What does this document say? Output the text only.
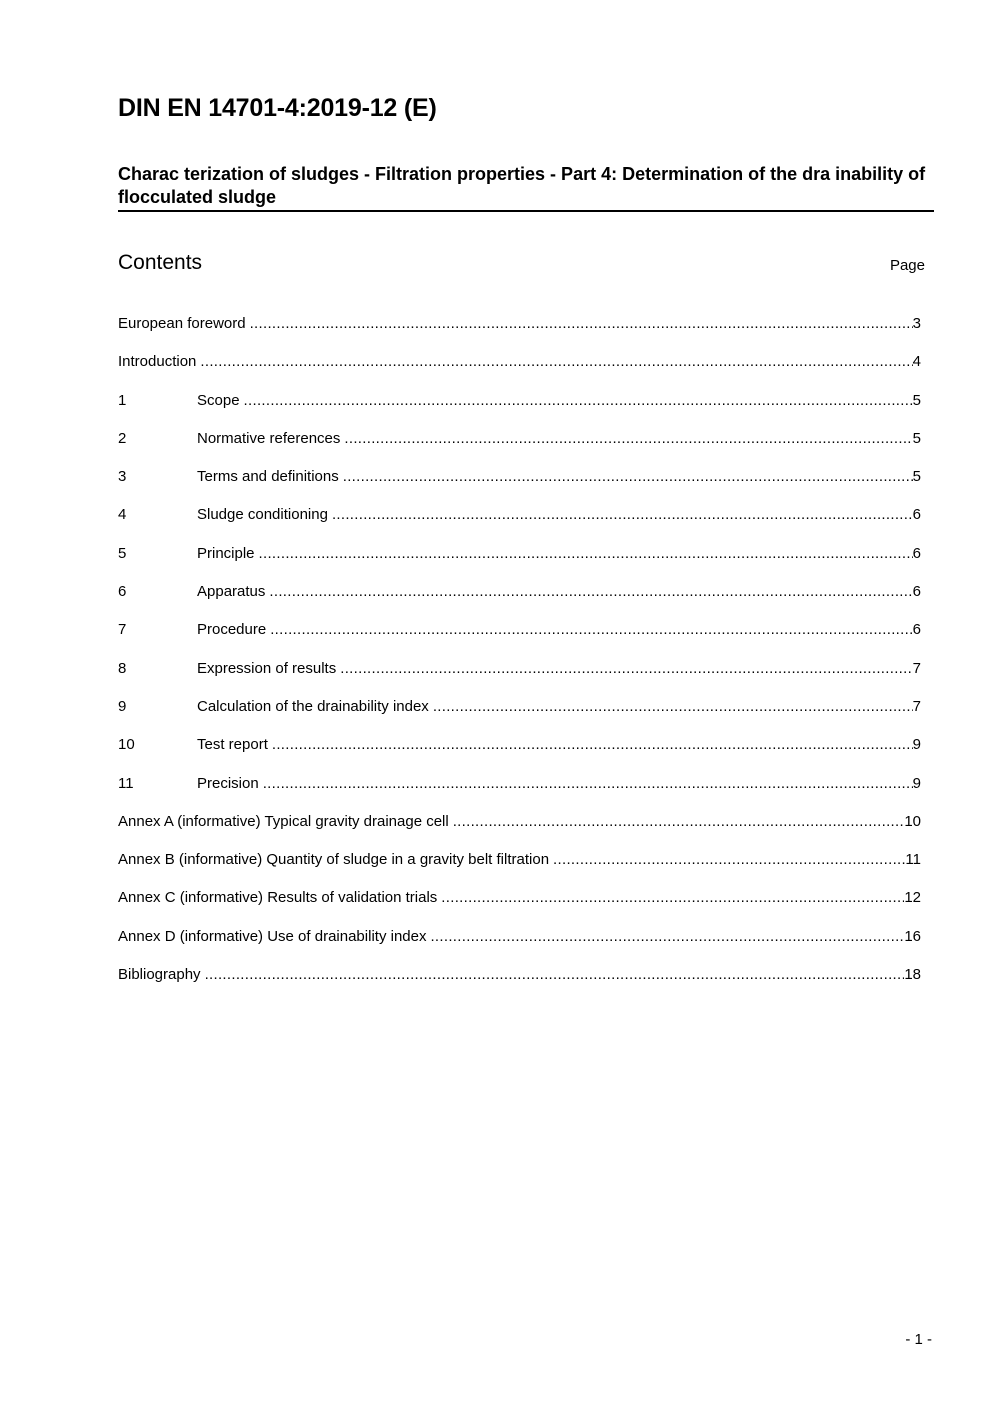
DIN EN 14701-4:2019-12 (E)
Charac terization of sludges - Filtration properties - Part 4: Determination of the dra inability of flocculated sludge
Contents	Page
European foreword .....	3
Introduction .....	4
1	Scope .....	5
2	Normative references .....	5
3	Terms and definitions .....	5
4	Sludge conditioning .....	6
5	Principle .....	6
6	Apparatus .....	6
7	Procedure .....	6
8	Expression of results .....	7
9	Calculation of the drainability index .....	7
10	Test report .....	9
11	Precision .....	9
Annex A (informative) Typical gravity drainage cell .....	10
Annex B (informative) Quantity of sludge in a gravity belt filtration .....	11
Annex C (informative) Results of validation trials .....	12
Annex D (informative) Use of drainability index .....	16
Bibliography .....	18
- 1 -
